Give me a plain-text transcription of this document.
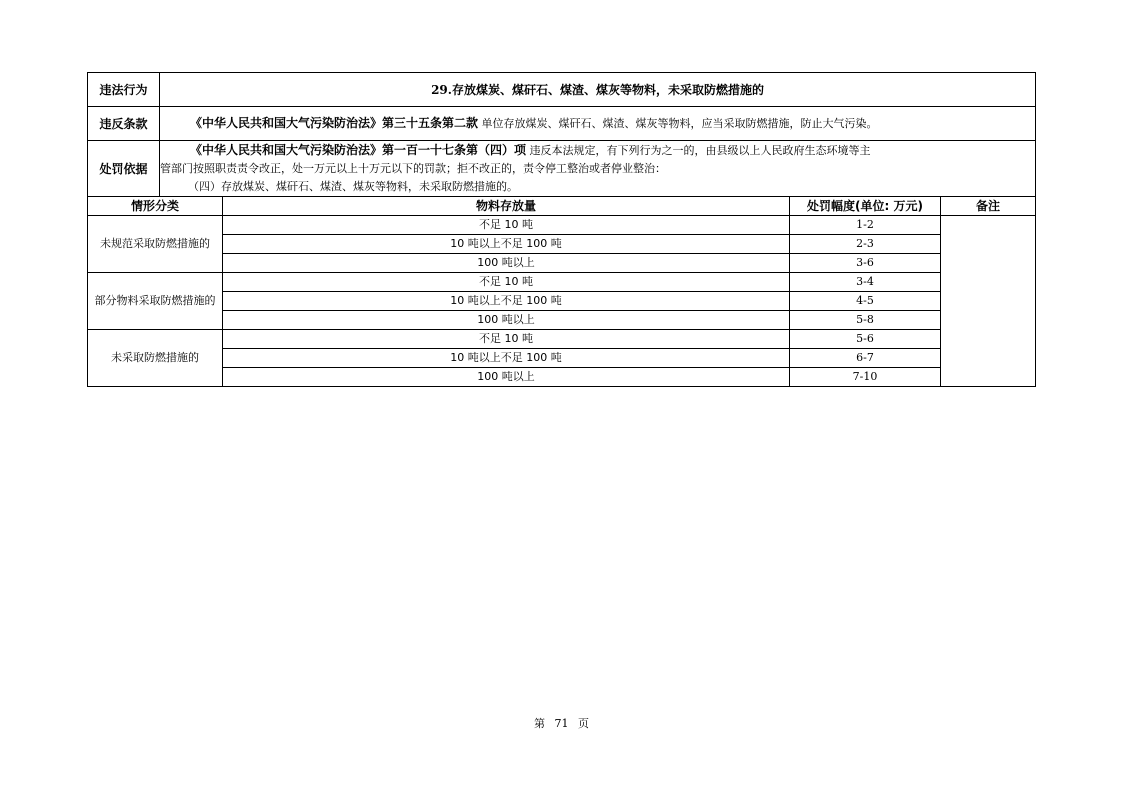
违法行为	29.存放煤炭、煤矸石、煤渣、煤灰等物料，未采取防燃措施的			
违反条款	《中华人民共和国大气污染防治法》第三十五条第二款 单位存放煤炭、煤矸石、煤渣、煤灰等物料，应当采取防燃措施，防止大气污染。			
处罚依据	《中华人民共和国大气污染防治法》第一百一十七条第（四）项 违反本法规定，有下列行为之一的，由县级以上人民政府生态环境等主
管部门按照职责责令改正，处一万元以上十万元以下的罚款；拒不改正的，责令停工整治或者停业整治：
（四）存放煤炭、煤矸石、煤渣、煤灰等物料，未采取防燃措施的。			

情形分类		物料存放量	处罚幅度(单位: 万元)	备注
未规范采取防燃措施的		不足 10 吨	1-2	
		10 吨以上不足 100 吨	2-3	
		100 吨以上	3-6	
部分物料采取防燃措施的		不足 10 吨	3-4	
		10 吨以上不足 100 吨	4-5	
		100 吨以上	5-8	
未采取防燃措施的		不足 10 吨	5-6	
		10 吨以上不足 100 吨	6-7	
		100 吨以上	7-10	
第 71 页
